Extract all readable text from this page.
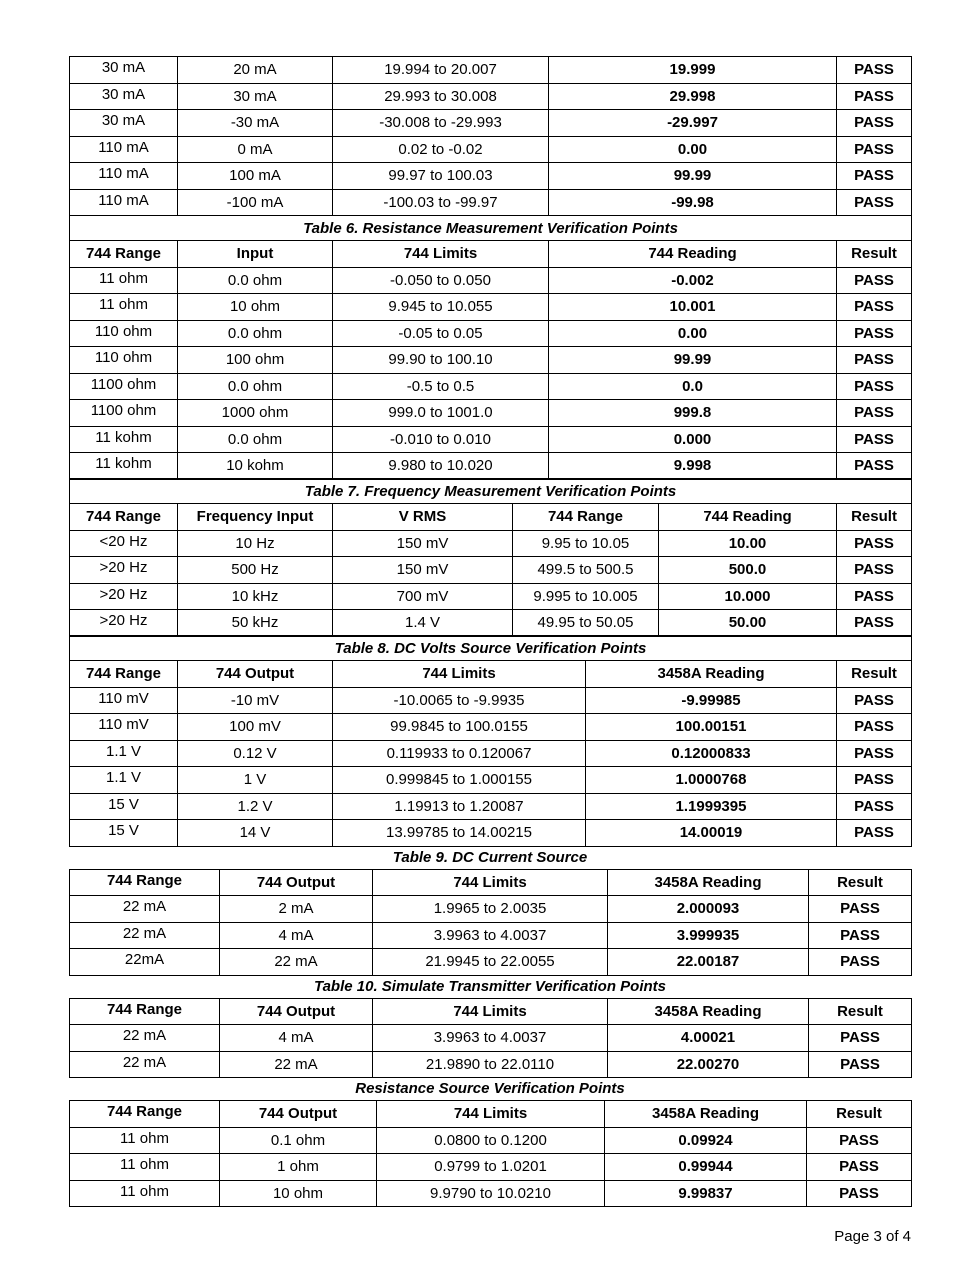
30 mA	20 mA	19.994 to 20.007	19.999	PASS
30 mA	30 mA	29.993 to 30.008	29.998	PASS
30 mA	-30 mA	-30.008 to -29.993	-29.997	PASS
110 mA	0 mA	0.02 to -0.02	0.00	PASS
110 mA	100 mA	99.97 to 100.03	99.99	PASS
110 mA	-100 mA	-100.03 to -99.97	-99.98	PASS
Table 6. Resistance Measurement Verification Points				
744 Range	Input	744 Limits	744 Reading	Result
11 ohm	0.0 ohm	-0.050 to 0.050	-0.002	PASS
11 ohm	10 ohm	9.945 to 10.055	10.001	PASS
110 ohm	0.0 ohm	-0.05 to 0.05	0.00	PASS
110 ohm	100 ohm	99.90 to 100.10	99.99	PASS
1100 ohm	0.0 ohm	-0.5 to 0.5	0.0	PASS
1100 ohm	1000 ohm	999.0 to 1001.0	999.8	PASS
11 kohm	0.0 ohm	-0.010 to 0.010	0.000	PASS
11 kohm	10 kohm	9.980 to 10.020	9.998	PASS
Table 7. Frequency Measurement Verification Points					
744 Range	Frequency Input	V RMS	744 Range	744 Reading	Result
<20 Hz	10 Hz	150 mV	9.95 to 10.05	10.00	PASS
>20 Hz	500 Hz	150 mV	499.5 to 500.5	500.0	PASS
>20 Hz	10 kHz	700 mV	9.995 to 10.005	10.000	PASS
>20 Hz	50 kHz	1.4 V	49.95 to 50.05	50.00	PASS
Table 8. DC Volts Source Verification Points				
744 Range	744 Output	744 Limits	3458A Reading	Result
110 mV	-10 mV	-10.0065 to -9.9935	-9.99985	PASS
110 mV	100 mV	99.9845 to 100.0155	100.00151	PASS
1.1 V	0.12 V	0.119933 to 0.120067	0.12000833	PASS
1.1 V	1 V	0.999845 to 1.000155	1.0000768	PASS
15 V	1.2 V	1.19913 to 1.20087	1.1999395	PASS
15 V	14 V	13.99785 to 14.00215	14.00019	PASS
Table 9. DC Current Source
744 Range	744 Output	744 Limits	3458A Reading	Result
22 mA	2 mA	1.9965 to 2.0035	2.000093	PASS
22 mA	4 mA	3.9963 to 4.0037	3.999935	PASS
22mA	22 mA	21.9945 to 22.0055	22.00187	PASS
Table 10. Simulate Transmitter Verification Points
744 Range	744 Output	744 Limits	3458A Reading	Result
22 mA	4 mA	3.9963 to 4.0037	4.00021	PASS
22 mA	22 mA	21.9890 to 22.0110	22.00270	PASS
Resistance Source Verification Points
744 Range	744 Output	744 Limits	3458A Reading	Result
11 ohm	0.1 ohm	0.0800 to 0.1200	0.09924	PASS
11 ohm	1 ohm	0.9799 to 1.0201	0.99944	PASS
11 ohm	10 ohm	9.9790 to 10.0210	9.99837	PASS
Page 3 of 4
